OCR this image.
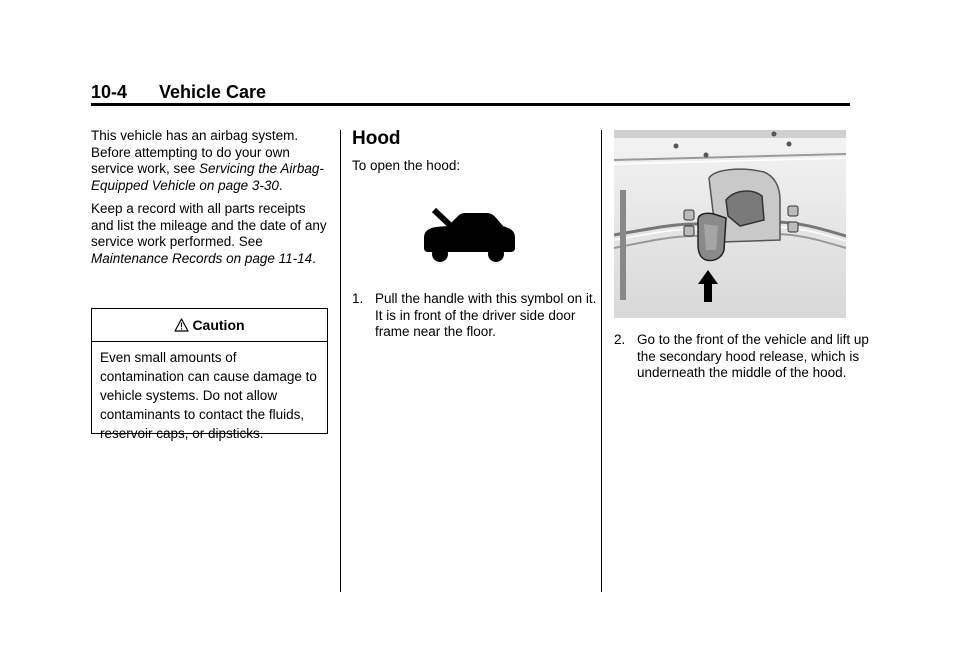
10-4 Vehicle Care

This vehicle has an airbag system. Before attempting to do your own service work, see Servicing the Airbag-Equipped Vehicle on page 3-30.

Keep a record with all parts receipts and list the mileage and the date of any service work performed. See Maintenance Records on page 11-14.

Caution
Even small amounts of contamination can cause damage to vehicle systems. Do not allow contaminants to contact the fluids, reservoir caps, or dipsticks.
Hood
To open the hood:
1. Pull the handle with this symbol on it. It is in front of the driver side door frame near the floor.
2. Go to the front of the vehicle and lift up the secondary hood release, which is underneath the middle of the hood.
